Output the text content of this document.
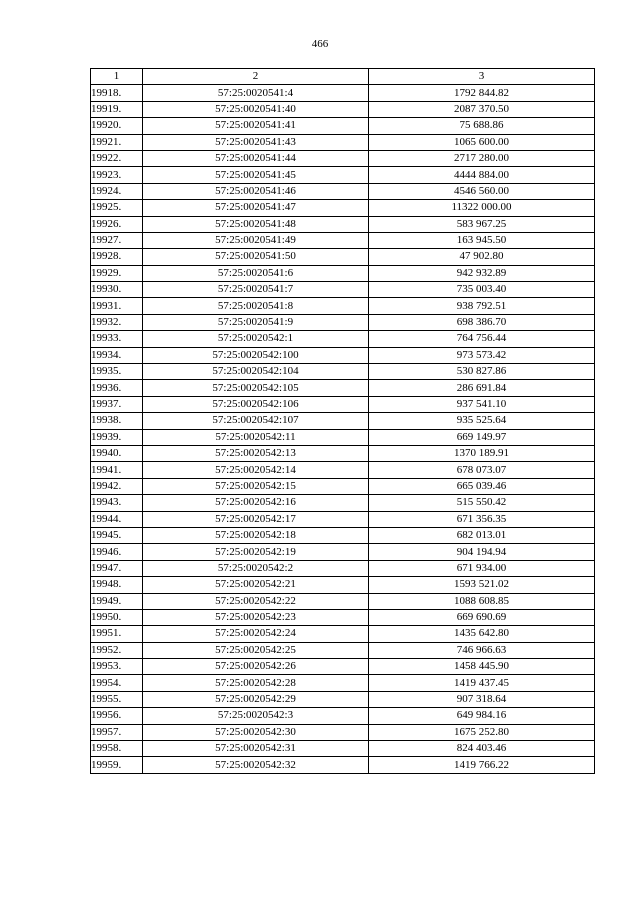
466
1	2	3
19918.	57:25:0020541:4	1792 844.82
19919.	57:25:0020541:40	2087 370.50
19920.	57:25:0020541:41	75 688.86
19921.	57:25:0020541:43	1065 600.00
19922.	57:25:0020541:44	2717 280.00
19923.	57:25:0020541:45	4444 884.00
19924.	57:25:0020541:46	4546 560.00
19925.	57:25:0020541:47	11322 000.00
19926.	57:25:0020541:48	583 967.25
19927.	57:25:0020541:49	163 945.50
19928.	57:25:0020541:50	47 902.80
19929.	57:25:0020541:6	942 932.89
19930.	57:25:0020541:7	735 003.40
19931.	57:25:0020541:8	938 792.51
19932.	57:25:0020541:9	698 386.70
19933.	57:25:0020542:1	764 756.44
19934.	57:25:0020542:100	973 573.42
19935.	57:25:0020542:104	530 827.86
19936.	57:25:0020542:105	286 691.84
19937.	57:25:0020542:106	937 541.10
19938.	57:25:0020542:107	935 525.64
19939.	57:25:0020542:11	669 149.97
19940.	57:25:0020542:13	1370 189.91
19941.	57:25:0020542:14	678 073.07
19942.	57:25:0020542:15	665 039.46
19943.	57:25:0020542:16	515 550.42
19944.	57:25:0020542:17	671 356.35
19945.	57:25:0020542:18	682 013.01
19946.	57:25:0020542:19	904 194.94
19947.	57:25:0020542:2	671 934.00
19948.	57:25:0020542:21	1593 521.02
19949.	57:25:0020542:22	1088 608.85
19950.	57:25:0020542:23	669 690.69
19951.	57:25:0020542:24	1435 642.80
19952.	57:25:0020542:25	746 966.63
19953.	57:25:0020542:26	1458 445.90
19954.	57:25:0020542:28	1419 437.45
19955.	57:25:0020542:29	907 318.64
19956.	57:25:0020542:3	649 984.16
19957.	57:25:0020542:30	1675 252.80
19958.	57:25:0020542:31	824 403.46
19959.	57:25:0020542:32	1419 766.22
